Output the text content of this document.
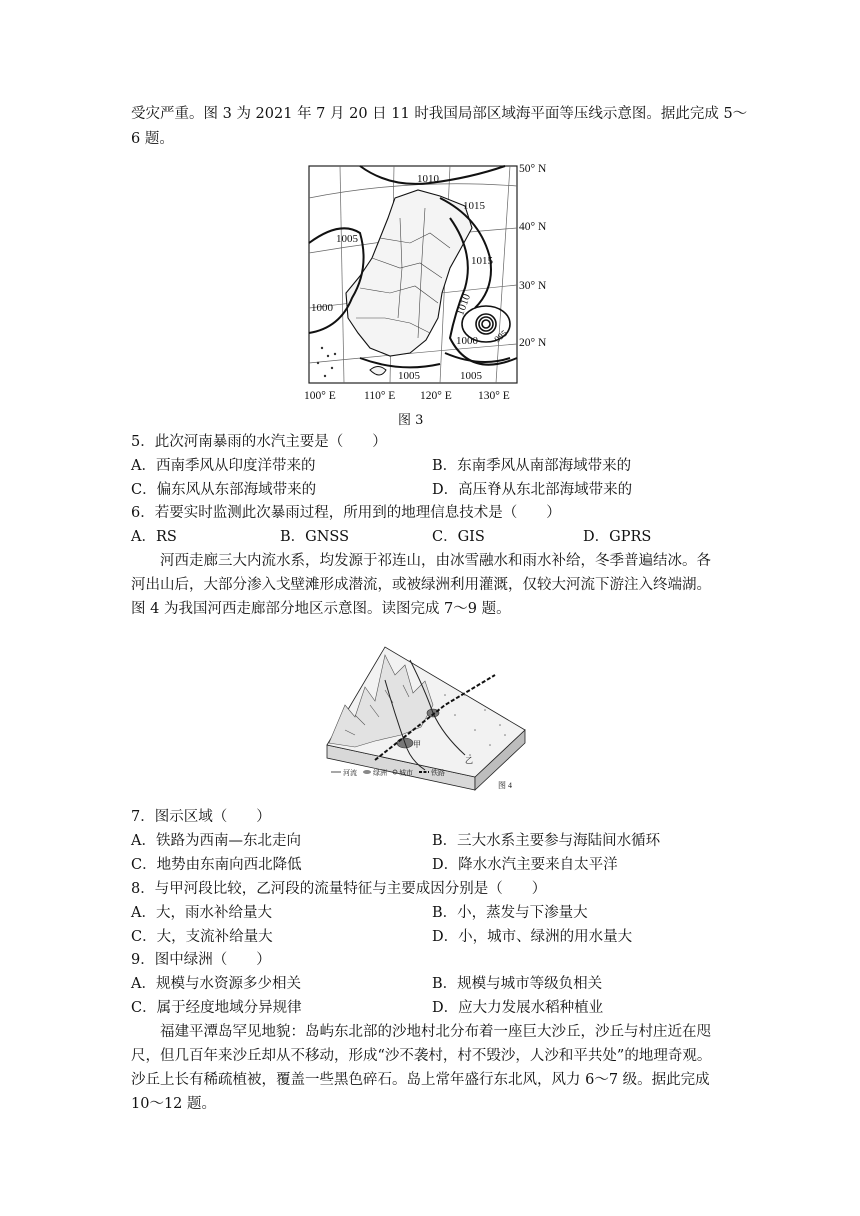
受灾严重。图 3 为 2021 年 7 月 20 日 11 时我国局部区域海平面等压线示意图。据此完成 5～
6 题。
1010
1015
1005
1015
1010
1000
1000
1005	1005
995
50° N
40° N
30° N
20° N
100° E 110° E 120° E 130° E
图 3
5．此次河南暴雨的水汽主要是（　　）
A．西南季风从印度洋带来的	B．东南季风从南部海域带来的
C．偏东风从东部海域带来的	D．高压脊从东北部海域带来的
6．若要实时监测此次暴雨过程，所用到的地理信息技术是（　　）
A．RS	B．GNSS	C．GIS	D．GPRS
河西走廊三大内流水系，均发源于祁连山，由冰雪融水和雨水补给，冬季普遍结冰。各
河出山后，大部分渗入戈壁滩形成潜流，或被绿洲利用灌溉，仅较大河流下游注入终端湖。
图 4 为我国河西走廊部分地区示意图。读图完成 7～9 题。
甲
乙
河流 绿洲 城市	铁路
图 4
7．图示区域（　　）
A．铁路为西南—东北走向	B．三大水系主要参与海陆间水循环
C．地势由东南向西北降低	D．降水水汽主要来自太平洋
8．与甲河段比较，乙河段的流量特征与主要成因分别是（　　）
A．大，雨水补给量大	B．小，蒸发与下渗量大
C．大，支流补给量大	D．小，城市、绿洲的用水量大
9．图中绿洲（　　）
A．规模与水资源多少相关	B．规模与城市等级负相关
C．属于经度地域分异规律	D．应大力发展水稻种植业
福建平潭岛罕见地貌：岛屿东北部的沙地村北分布着一座巨大沙丘，沙丘与村庄近在咫
尺，但几百年来沙丘却从不移动，形成“沙不袭村，村不毁沙，人沙和平共处”的地理奇观。
沙丘上长有稀疏植被，覆盖一些黑色碎石。岛上常年盛行东北风，风力 6～7 级。据此完成
10～12 题。
